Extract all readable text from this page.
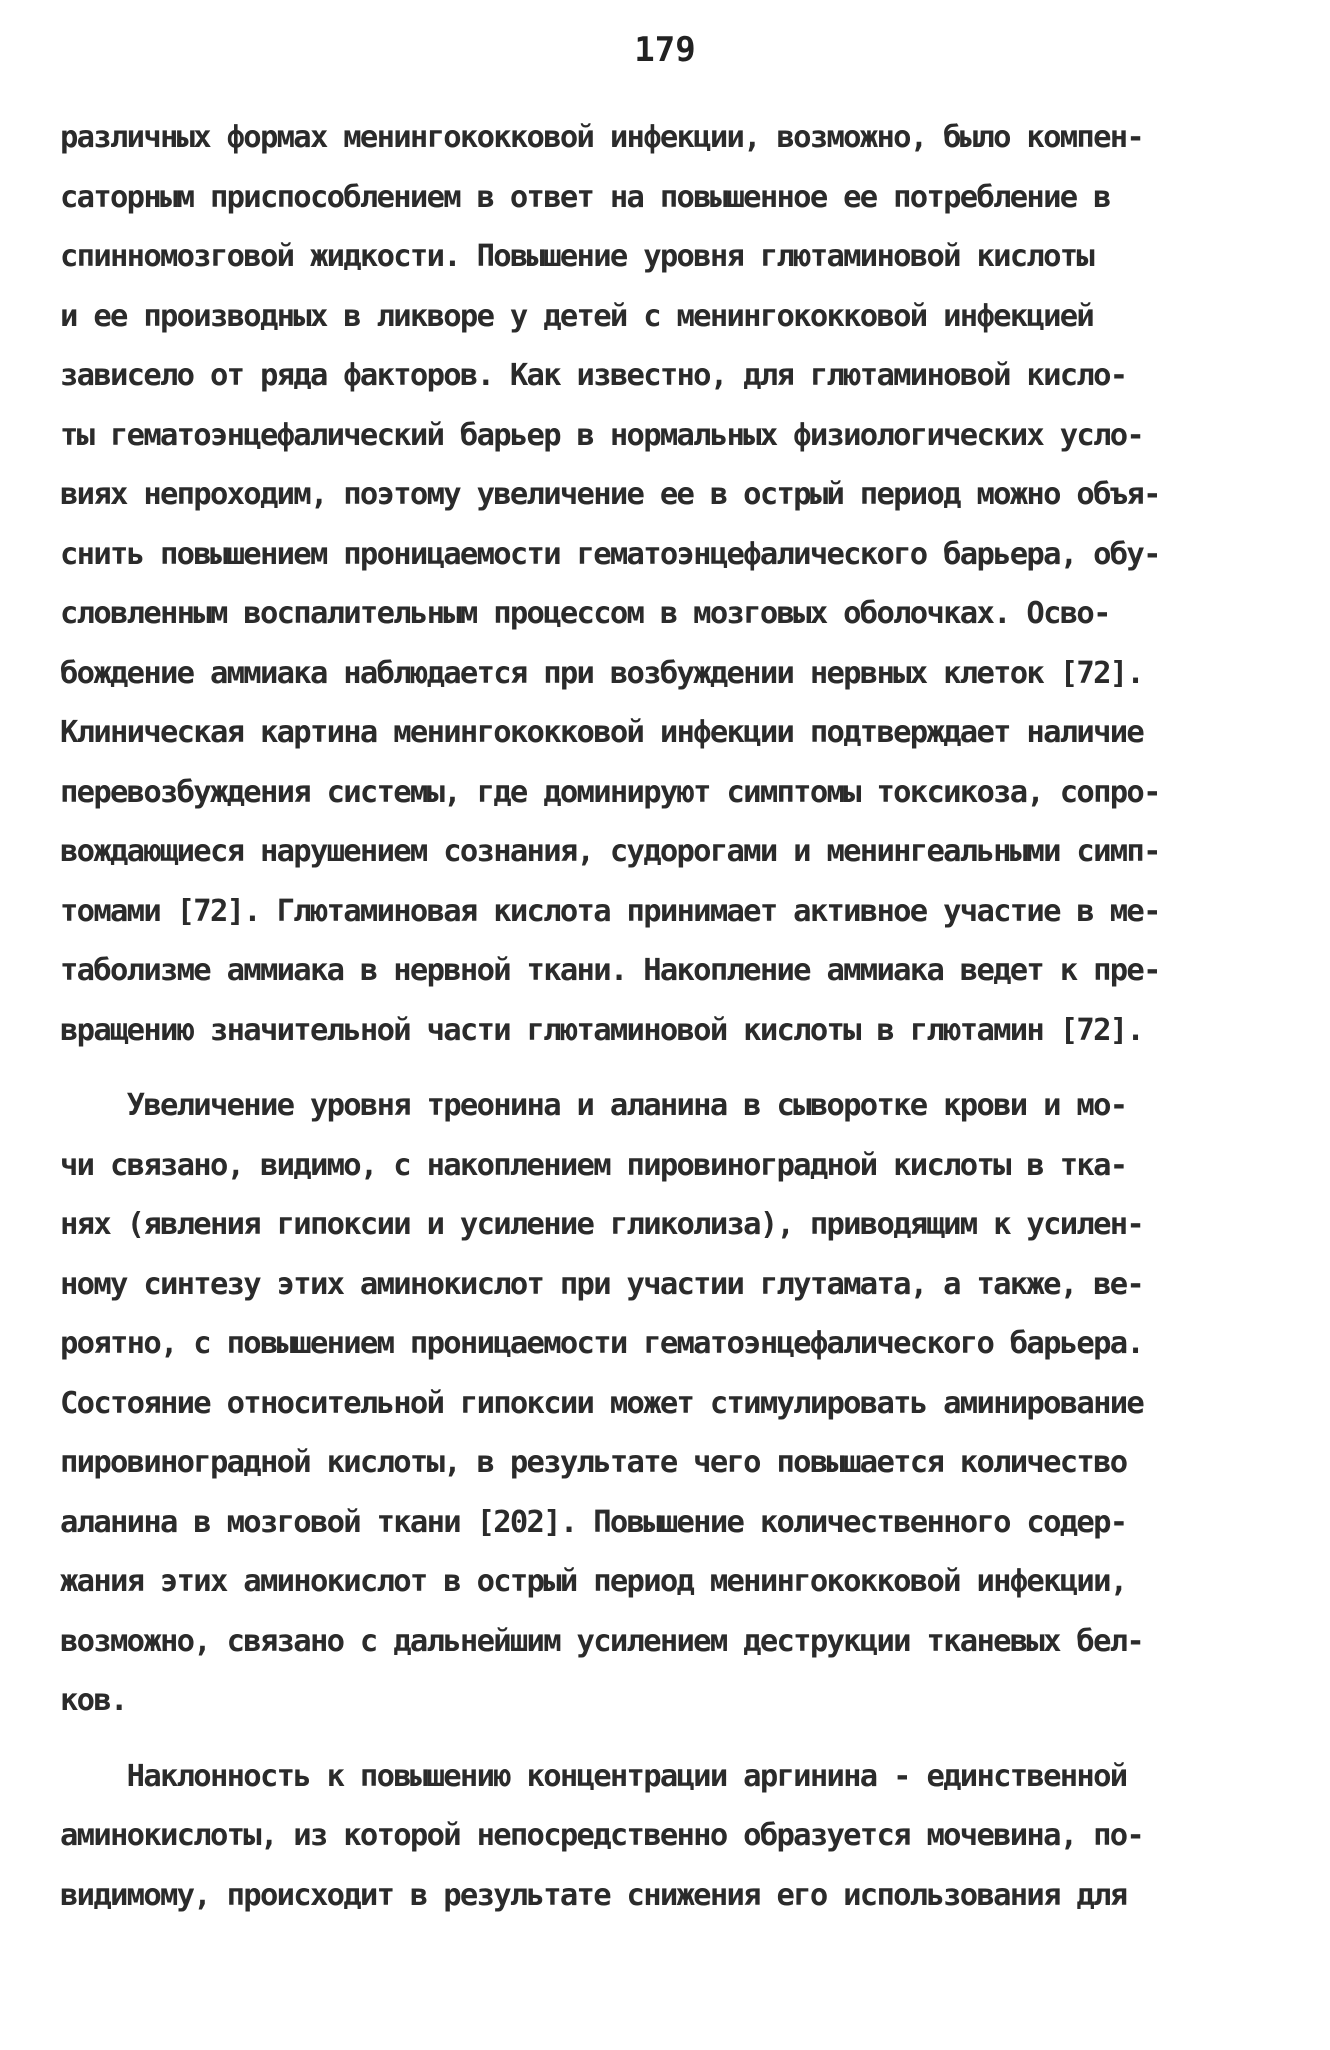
179
различных формах менингококковой инфекции, возможно, было компен-
саторным приспособлением в ответ на повышенное ее потребление в
спинномозговой жидкости. Повышение уровня глютаминовой кислоты
и ее производных в ликворе у детей с менингококковой инфекцией
зависело от ряда факторов. Как известно, для глютаминовой кисло-
ты гематоэнцефалический барьер в нормальных физиологических усло-
виях непроходим, поэтому увеличение ее в острый период можно объя-
снить повышением проницаемости гематоэнцефалического барьера, обу-
словленным воспалительным процессом в мозговых оболочках. Осво-
бождение аммиака наблюдается при возбуждении нервных клеток [72].
Клиническая картина менингококковой инфекции подтверждает наличие
перевозбуждения системы, где доминируют симптомы токсикоза, сопро-
вождающиеся нарушением сознания, судорогами и менингеальными симп-
томами [72]. Глютаминовая кислота принимает активное участие в ме-
таболизме аммиака в нервной ткани. Накопление аммиака ведет к пре-
вращению значительной части глютаминовой кислоты в глютамин [72].
Увеличение уровня треонина и аланина в сыворотке крови и мо-
чи связано, видимо, с накоплением пировиноградной кислоты в тка-
нях (явления гипоксии и усиление гликолиза), приводящим к усилен-
ному синтезу этих аминокислот при участии глутамата, а также, ве-
роятно, с повышением проницаемости гематоэнцефалического барьера.
Состояние относительной гипоксии может стимулировать аминирование
пировиноградной кислоты, в результате чего повышается количество
аланина в мозговой ткани [202]. Повышение количественного содер-
жания этих аминокислот в острый период менингококковой инфекции,
возможно, связано с дальнейшим усилением деструкции тканевых бел-
ков.
Наклонность к повышению концентрации аргинина - единственной
аминокислоты, из которой непосредственно образуется мочевина, по-
видимому, происходит в результате снижения его использования для
